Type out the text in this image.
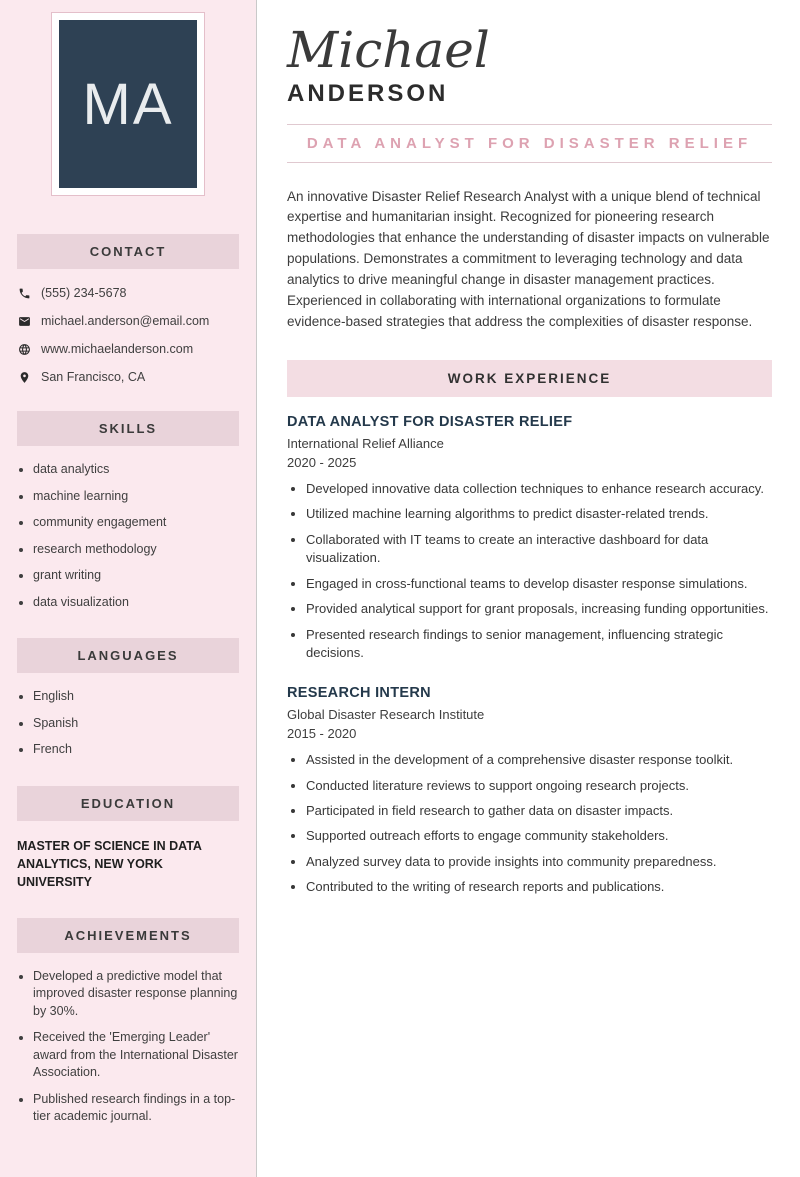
MA
CONTACT
(555) 234-5678
michael.anderson@email.com
www.michaelanderson.com
San Francisco, CA
SKILLS
• data analytics
• machine learning
• community engagement
• research methodology
• grant writing
• data visualization
LANGUAGES
• English
• Spanish
• French
EDUCATION
MASTER OF SCIENCE IN DATA ANALYTICS, NEW YORK UNIVERSITY
ACHIEVEMENTS
• Developed a predictive model that improved disaster response planning by 30%.
• Received the 'Emerging Leader' award from the International Disaster Association.
• Published research findings in a top-tier academic journal.
Michael
ANDERSON
DATA ANALYST FOR DISASTER RELIEF

An innovative Disaster Relief Research Analyst with a unique blend of technical expertise and humanitarian insight. Recognized for pioneering research methodologies that enhance the understanding of disaster impacts on vulnerable populations. Demonstrates a commitment to leveraging technology and data analytics to drive meaningful change in disaster management practices. Experienced in collaborating with international organizations to formulate evidence-based strategies that address the complexities of disaster response.

WORK EXPERIENCE
DATA ANALYST FOR DISASTER RELIEF
International Relief Alliance
2020 - 2025
• Developed innovative data collection techniques to enhance research accuracy.
• Utilized machine learning algorithms to predict disaster-related trends.
• Collaborated with IT teams to create an interactive dashboard for data visualization.
• Engaged in cross-functional teams to develop disaster response simulations.
• Provided analytical support for grant proposals, increasing funding opportunities.
• Presented research findings to senior management, influencing strategic decisions.
RESEARCH INTERN
Global Disaster Research Institute
2015 - 2020
• Assisted in the development of a comprehensive disaster response toolkit.
• Conducted literature reviews to support ongoing research projects.
• Participated in field research to gather data on disaster impacts.
• Supported outreach efforts to engage community stakeholders.
• Analyzed survey data to provide insights into community preparedness.
• Contributed to the writing of research reports and publications.
